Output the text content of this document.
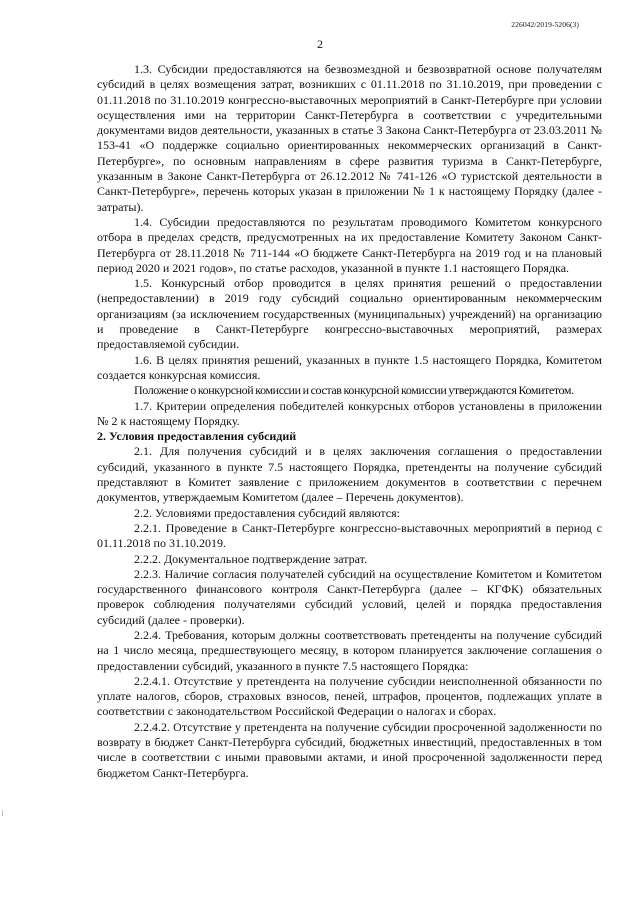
226042/2019-5206(3)
2

1.3. Субсидии предоставляются на безвозмездной и безвозвратной основе получателям субсидий в целях возмещения затрат, возникших с 01.11.2018 по 31.10.2019, при проведении с 01.11.2018 по 31.10.2019 конгрессно-выставочных мероприятий в Санкт-Петербурге при условии осуществления ими на территории Санкт-Петербурга в соответствии с учредительными документами видов деятельности, указанных в статье 3 Закона Санкт-Петербурга от 23.03.2011 № 153-41 «О поддержке социально ориентированных некоммерческих организаций в Санкт-Петербурге», по основным направлениям в сфере развития туризма в Санкт-Петербурге, указанным в Законе Санкт-Петербурга от 26.12.2012 № 741-126 «О туристской деятельности в Санкт-Петербурге», перечень которых указан в приложении № 1 к настоящему Порядку (далее - затраты).

1.4. Субсидии предоставляются по результатам проводимого Комитетом конкурсного отбора в пределах средств, предусмотренных на их предоставление Комитету Законом Санкт-Петербурга от 28.11.2018 № 711-144 «О бюджете Санкт-Петербурга на 2019 год и на плановый период 2020 и 2021 годов», по статье расходов, указанной в пункте 1.1 настоящего Порядка.

1.5. Конкурсный отбор проводится в целях принятия решений о предоставлении (непредоставлении) в 2019 году субсидий социально ориентированным некоммерческим организациям (за исключением государственных (муниципальных) учреждений) на организацию и проведение в Санкт-Петербурге конгрессно-выставочных мероприятий, размерах предоставляемой субсидии.

1.6. В целях принятия решений, указанных в пункте 1.5 настоящего Порядка, Комитетом создается конкурсная комиссия.

Положение о конкурсной комиссии и состав конкурсной комиссии утверждаются Комитетом.

1.7. Критерии определения победителей конкурсных отборов установлены в приложении № 2 к настоящему Порядку.

2. Условия предоставления субсидий

2.1. Для получения субсидий и в целях заключения соглашения о предоставлении субсидий, указанного в пункте 7.5 настоящего Порядка, претенденты на получение субсидий представляют в Комитет заявление с приложением документов в соответствии с перечнем документов, утверждаемым Комитетом (далее – Перечень документов).

2.2. Условиями предоставления субсидий являются:

2.2.1. Проведение в Санкт-Петербурге конгрессно-выставочных мероприятий в период с 01.11.2018 по 31.10.2019.

2.2.2. Документальное подтверждение затрат.

2.2.3. Наличие согласия получателей субсидий на осуществление Комитетом и Комитетом государственного финансового контроля Санкт-Петербурга (далее – КГФК) обязательных проверок соблюдения получателями субсидий условий, целей и порядка предоставления субсидий (далее - проверки).

2.2.4. Требования, которым должны соответствовать претенденты на получение субсидий на 1 число месяца, предшествующего месяцу, в котором планируется заключение соглашения о предоставлении субсидий, указанного в пункте 7.5 настоящего Порядка:

2.2.4.1. Отсутствие у претендента на получение субсидии неисполненной обязанности по уплате налогов, сборов, страховых взносов, пеней, штрафов, процентов, подлежащих уплате в соответствии с законодательством Российской Федерации о налогах и сборах.

2.2.4.2. Отсутствие у претендента на получение субсидии просроченной задолженности по возврату в бюджет Санкт-Петербурга субсидий, бюджетных инвестиций, предоставленных в том числе в соответствии с иными правовыми актами, и иной просроченной задолженности перед бюджетом Санкт-Петербурга.
